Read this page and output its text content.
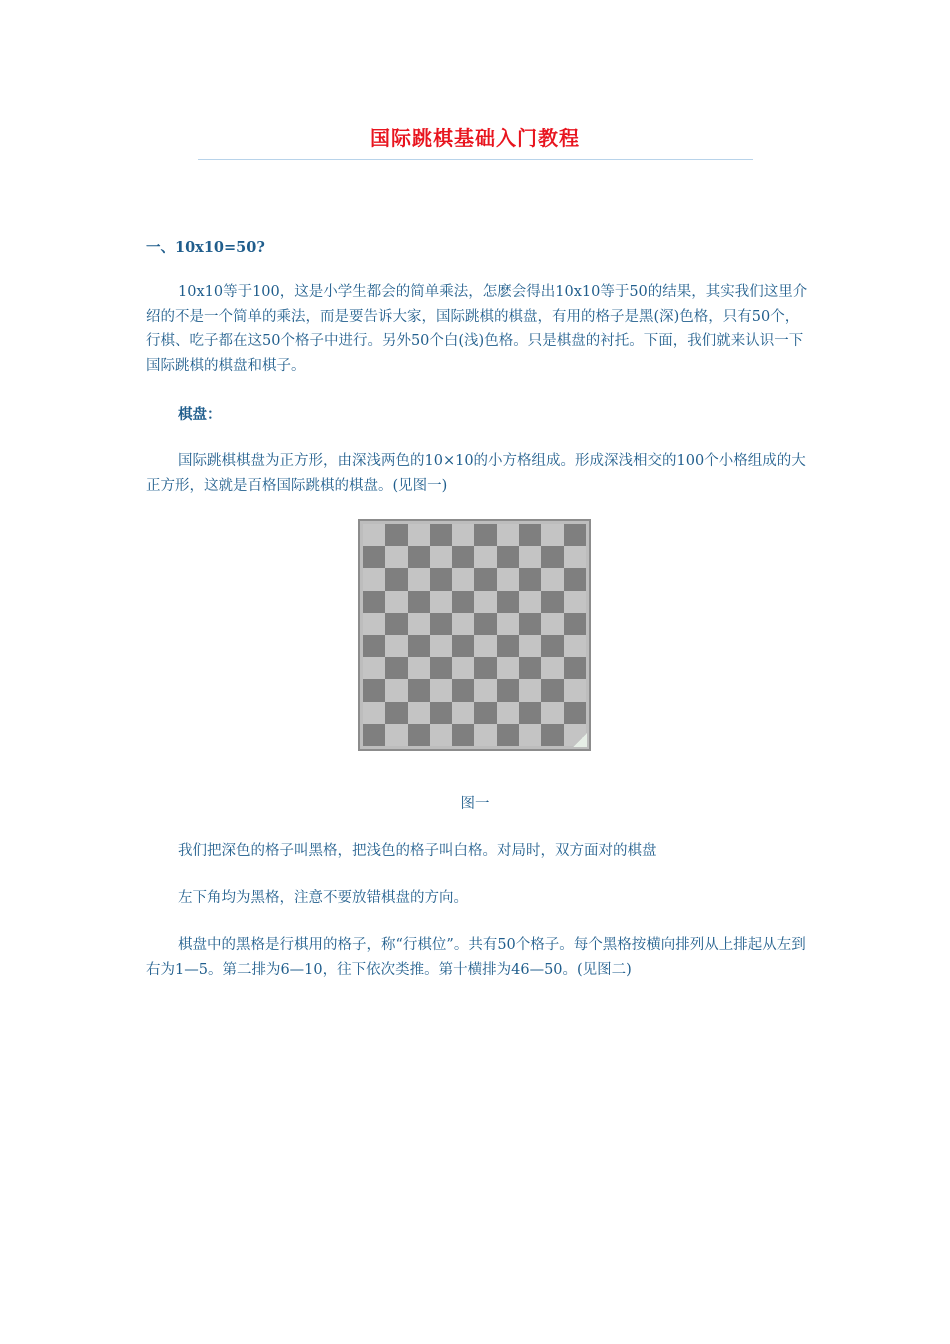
国际跳棋基础入门教程
一、10x10=50?

10x10等于100，这是小学生都会的简单乘法，怎麽会得出10x10等于50的结果，其实我们这里介绍的不是一个简单的乘法，而是要告诉大家，国际跳棋的棋盘，有用的格子是黑(深)色格，只有50个，行棋、吃子都在这50个格子中进行。另外50个白(浅)色格。只是棋盘的衬托。下面，我们就来认识一下国际跳棋的棋盘和棋子。

棋盘：

国际跳棋棋盘为正方形，由深浅两色的10×10的小方格组成。形成深浅相交的100个小格组成的大正方形，这就是百格国际跳棋的棋盘。(见图一)

图一

我们把深色的格子叫黑格，把浅色的格子叫白格。对局时，双方面对的棋盘

左下角均为黑格，注意不要放错棋盘的方向。

棋盘中的黑格是行棋用的格子，称“行棋位”。共有50个格子。每个黑格按横向排列从上排起从左到右为1—5。第二排为6—10，往下依次类推。第十横排为46—50。(见图二)
